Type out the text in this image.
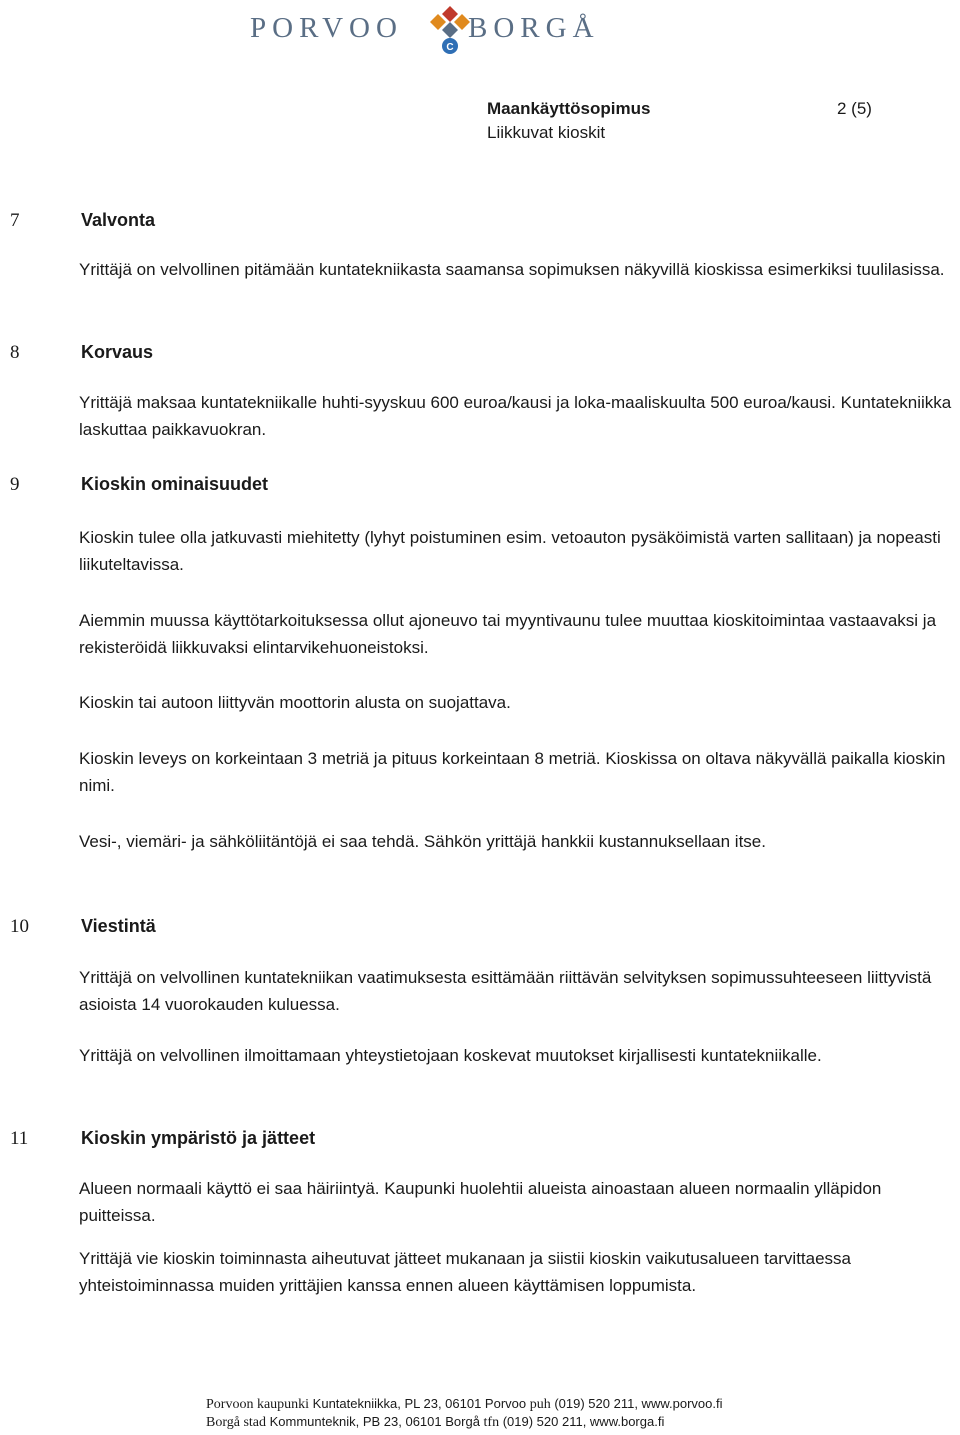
PORVOO
C
BORGÅ
Maankäyttösopimus
Liikkuvat kioskit
2 (5)
7	Valvonta

Yrittäjä on velvollinen pitämään kuntatekniikasta saamansa sopimuksen näkyvillä kioskissa esimerkiksi tuulilasissa.

8	Korvaus

Yrittäjä maksaa kuntatekniikalle huhti-syyskuu 600 euroa/kausi ja loka-maaliskuulta 500 euroa/kausi. Kuntatekniikka laskuttaa paikkavuokran.

9	Kioskin ominaisuudet

Kioskin tulee olla jatkuvasti miehitetty (lyhyt poistuminen esim. vetoauton pysäköimistä varten sallitaan) ja nopeasti liikuteltavissa.

Aiemmin muussa käyttötarkoituksessa ollut ajoneuvo tai myyntivaunu tulee muuttaa kioskitoimintaa vastaavaksi ja rekisteröidä liikkuvaksi elintarvikehuoneistoksi.

Kioskin tai autoon liittyvän moottorin alusta on suojattava.

Kioskin leveys on korkeintaan 3 metriä ja pituus korkeintaan 8 metriä. Kioskissa on oltava näkyvällä paikalla kioskin nimi.

Vesi-, viemäri- ja sähköliitäntöjä ei saa tehdä. Sähkön yrittäjä hankkii kustannuksellaan itse.

10	Viestintä

Yrittäjä on velvollinen kuntatekniikan vaatimuksesta esittämään riittävän selvityksen sopimussuhteeseen liittyvistä asioista 14 vuorokauden kuluessa.

Yrittäjä on velvollinen ilmoittamaan yhteystietojaan koskevat muutokset kirjallisesti kuntatekniikalle.

11	Kioskin ympäristö ja jätteet

Alueen normaali käyttö ei saa häiriintyä. Kaupunki huolehtii alueista ainoastaan alueen normaalin ylläpidon puitteissa.

Yrittäjä vie kioskin toiminnasta aiheutuvat jätteet mukanaan ja siistii kioskin vaikutusalueen tarvittaessa yhteistoiminnassa muiden yrittäjien kanssa ennen alueen käyttämisen loppumista.

Porvoon kaupunki Kuntatekniikka, PL 23, 06101 Porvoo puh (019) 520 211, www.porvoo.fi
Borgå stad Kommunteknik, PB 23, 06101 Borgå tfn (019) 520 211, www.borga.fi
